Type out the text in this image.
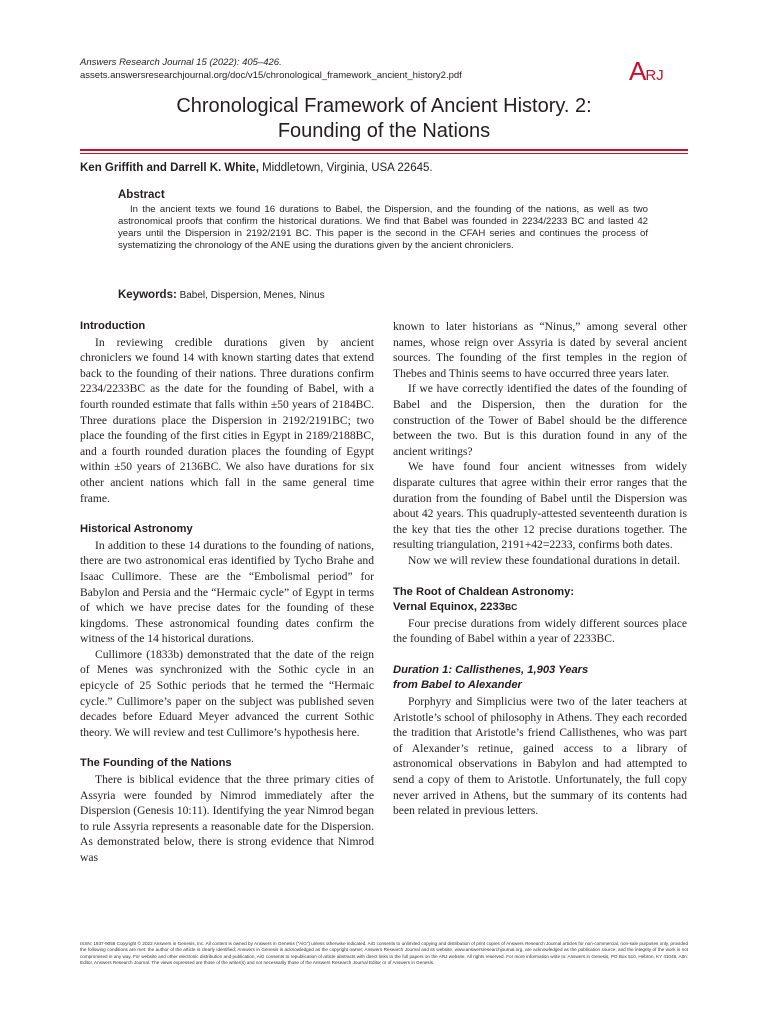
Answers Research Journal 15 (2022): 405–426.
assets.answersresearchjournal.org/doc/v15/chronological_framework_ancient_history2.pdf	ARJ
Chronological Framework of Ancient History. 2:
Founding of the Nations
Ken Griffith and Darrell K. White, Middletown, Virginia, USA 22645.
Abstract

In the ancient texts we found 16 durations to Babel, the Dispersion, and the founding of the nations, as well as two astronomical proofs that confirm the historical durations. We find that Babel was founded in 2234/2233 BC and lasted 42 years until the Dispersion in 2192/2191 BC. This paper is the second in the CFAH series and continues the process of systematizing the chronology of the ANE using the durations given by the ancient chroniclers.

Keywords: Babel, Dispersion, Menes, Ninus
Introduction

In reviewing credible durations given by ancient chroniclers we found 14 with known starting dates that extend back to the founding of their nations. Three durations confirm 2234/2233BC as the date for the founding of Babel, with a fourth rounded estimate that falls within ±50 years of 2184BC. Three durations place the Dispersion in 2192/2191BC; two place the founding of the first cities in Egypt in 2189/2188BC, and a fourth rounded duration places the founding of Egypt within ±50 years of 2136BC. We also have durations for six other ancient nations which fall in the same general time frame.

Historical Astronomy

In addition to these 14 durations to the founding of nations, there are two astronomical eras identified by Tycho Brahe and Isaac Cullimore. These are the “Embolismal period” for Babylon and Persia and the “Hermaic cycle” of Egypt in terms of which we have precise dates for the founding of these kingdoms. These astronomical founding dates confirm the witness of the 14 historical durations.

Cullimore (1833b) demonstrated that the date of the reign of Menes was synchronized with the Sothic cycle in an epicycle of 25 Sothic periods that he termed the “Hermaic cycle.” Cullimore’s paper on the subject was published seven decades before Eduard Meyer advanced the current Sothic theory. We will review and test Cullimore’s hypothesis here.

The Founding of the Nations

There is biblical evidence that the three primary cities of Assyria were founded by Nimrod immediately after the Dispersion (Genesis 10:11). Identifying the year Nimrod began to rule Assyria represents a reasonable date for the Dispersion. As demonstrated below, there is strong evidence that Nimrod was

known to later historians as “Ninus,” among several other names, whose reign over Assyria is dated by several ancient sources. The founding of the first temples in the region of Thebes and Thinis seems to have occurred three years later.

If we have correctly identified the dates of the founding of Babel and the Dispersion, then the duration for the construction of the Tower of Babel should be the difference between the two. But is this duration found in any of the ancient writings?

We have found four ancient witnesses from widely disparate cultures that agree within their error ranges that the duration from the founding of Babel until the Dispersion was about 42 years. This quadruply-attested seventeenth duration is the key that ties the other 12 precise durations together. The resulting triangulation, 2191+42=2233, confirms both dates.

Now we will review these foundational durations in detail.

The Root of Chaldean Astronomy:
Vernal Equinox, 2233BC

Four precise durations from widely different sources place the founding of Babel within a year of 2233BC.

Duration 1: Callisthenes, 1,903 Years
from Babel to Alexander

Porphyry and Simplicius were two of the later teachers at Aristotle’s school of philosophy in Athens. They each recorded the tradition that Aristotle’s friend Callisthenes, who was part of Alexander’s retinue, gained access to a library of astronomical observations in Babylon and had attempted to send a copy of them to Aristotle. Unfortunately, the full copy never arrived in Athens, but the summary of its contents had been related in previous letters.

ISSN: 1937-9056 Copyright © 2022 Answers in Genesis, Inc. All content is owned by Answers in Genesis (“AiG”) unless otherwise indicated. AiG consents to unlimited copying and distribution of print copies of Answers Research Journal articles for non-commercial, non-sale purposes only, provided the following conditions are met: the author of the article is clearly identified; Answers in Genesis is acknowledged as the copyright owner; Answers Research Journal and its website, www.answersresearchjournal.org, are acknowledged as the publication source; and the integrity of the work is not compromised in any way. For website and other electronic distribution and publication, AiG consents to republication of article abstracts with direct links to the full papers on the ARJ website. All rights reserved. For more information write to: Answers in Genesis, PO Box 510, Hebron, KY 41048, Attn: Editor, Answers Research Journal. The views expressed are those of the writer(s) and not necessarily those of the Answers Research Journal Editor or of Answers in Genesis.
